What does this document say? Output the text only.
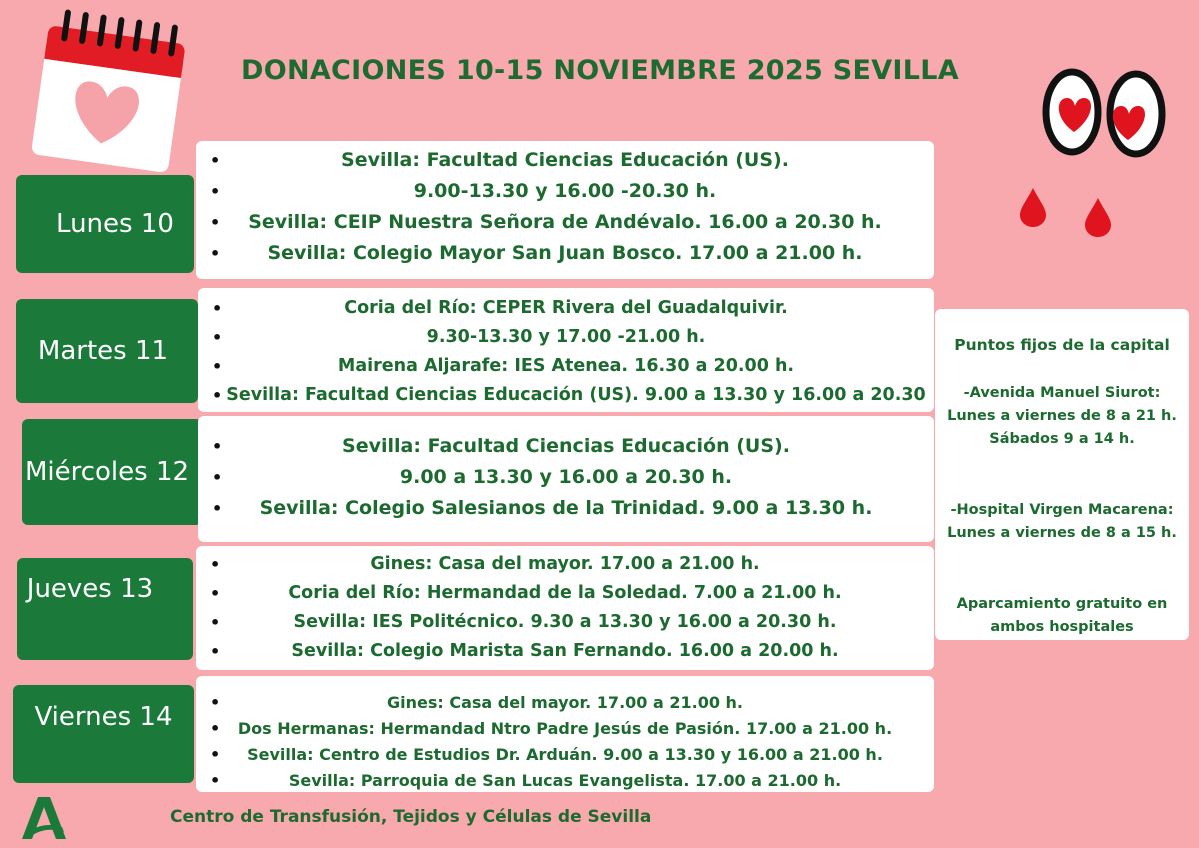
DONACIONES 10-15 NOVIEMBRE 2025 SEVILLA
Lunes 10
• Sevilla: Facultad Ciencias Educación (US).
• 9.00-13.30 y 16.00 -20.30 h.
• Sevilla: CEIP Nuestra Señora de Andévalo. 16.00 a 20.30 h.
• Sevilla: Colegio Mayor San Juan Bosco. 17.00 a 21.00 h.
Martes 11
• Coria del Río: CEPER Rivera del Guadalquivir.
• 9.30-13.30 y 17.00 -21.00 h.
• Mairena Aljarafe: IES Atenea. 16.30 a 20.00 h.
• Sevilla: Facultad Ciencias Educación (US). 9.00 a 13.30 y 16.00 a 20.30
Miércoles 12
• Sevilla: Facultad Ciencias Educación (US).
• 9.00 a 13.30 y 16.00 a 20.30 h.
• Sevilla: Colegio Salesianos de la Trinidad. 9.00 a 13.30 h.
Jueves 13
• Gines: Casa del mayor. 17.00 a 21.00 h.
• Coria del Río: Hermandad de la Soledad. 7.00 a 21.00 h.
• Sevilla: IES Politécnico. 9.30 a 13.30 y 16.00 a 20.30 h.
• Sevilla: Colegio Marista San Fernando. 16.00 a 20.00 h.
Viernes 14
•	Gines: Casa del mayor. 17.00 a 21.00 h.
• Dos Hermanas: Hermandad Ntro Padre Jesús de Pasión. 17.00 a 21.00 h.
• Sevilla: Centro de Estudios Dr. Arduán. 9.00 a 13.30 y 16.00 a 21.00 h.
• Sevilla: Parroquia de San Lucas Evangelista. 17.00 a 21.00 h.
Puntos fijos de la capital
-Avenida Manuel Siurot:
Lunes a viernes de 8 a 21 h.
Sábados 9 a 14 h.
-Hospital Virgen Macarena:
Lunes a viernes de 8 a 15 h.
Aparcamiento gratuito en
ambos hospitales
Centro de Transfusión, Tejidos y Células de Sevilla
